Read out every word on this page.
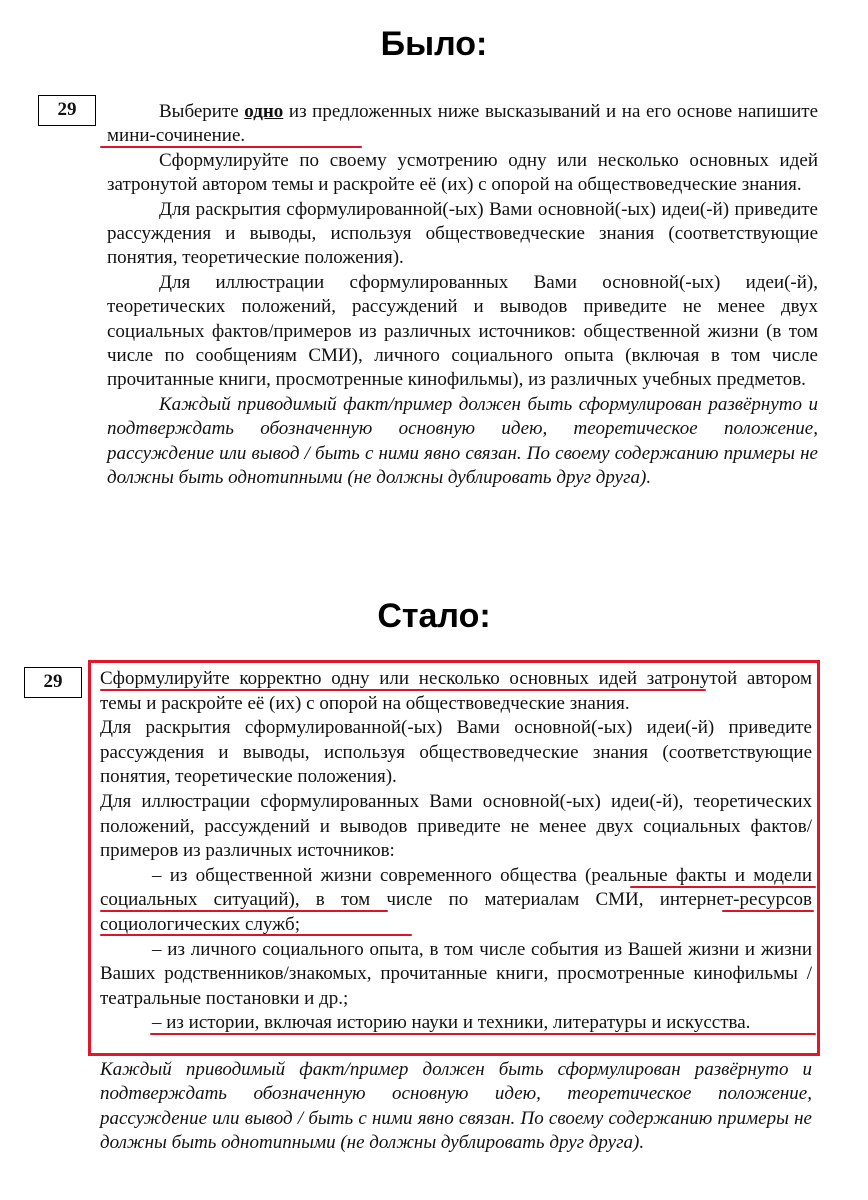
Было:
29	Выберите одно из предложенных ниже высказываний и на его основе напишите мини-сочинение.

Сформулируйте по своему усмотрению одну или несколько основных идей затронутой автором темы и раскройте её (их) с опорой на обществоведческие знания.

Для раскрытия сформулированной(-ых) Вами основной(-ых) идеи(-й) приведите рассуждения и выводы, используя обществоведческие знания (соответствующие понятия, теоретические положения).

Для иллюстрации сформулированных Вами основной(-ых) идеи(-й), теоретических положений, рассуждений и выводов приведите не менее двух социальных фактов/примеров из различных источников: общественной жизни (в том числе по сообщениям СМИ), личного социального опыта (включая в том числе прочитанные книги, просмотренные кинофильмы), из различных учебных предметов.

Каждый приводимый факт/пример должен быть сформулирован развёрнуто и подтверждать обозначенную основную идею, теоретическое положение, рассуждение или вывод / быть с ними явно связан. По своему содержанию примеры не должны быть однотипными (не должны дублировать друг друга).

Стало:
29	Сформулируйте корректно одну или несколько основных идей затронутой автором темы и раскройте её (их) с опорой на обществоведческие знания.

Для раскрытия сформулированной(-ых) Вами основной(-ых) идеи(-й) приведите рассуждения и выводы, используя обществоведческие знания (соответствующие понятия, теоретические положения).

Для иллюстрации сформулированных Вами основной(-ых) идеи(-й), теоретических положений, рассуждений и выводов приведите не менее двух социальных фактов/примеров из различных источников:

– из общественной жизни современного общества (реальные факты и модели социальных ситуаций), в том числе по материалам СМИ, интернет-ресурсов социологических служб;

– из личного социального опыта, в том числе события из Вашей жизни и жизни Ваших родственников/знакомых, прочитанные книги, просмотренные кинофильмы / театральные постановки и др.;

– из истории, включая историю науки и техники, литературы и искусства.

Каждый приводимый факт/пример должен быть сформулирован развёрнуто и подтверждать обозначенную основную идею, теоретическое положение, рассуждение или вывод / быть с ними явно связан. По своему содержанию примеры не должны быть однотипными (не должны дублировать друг друга).
